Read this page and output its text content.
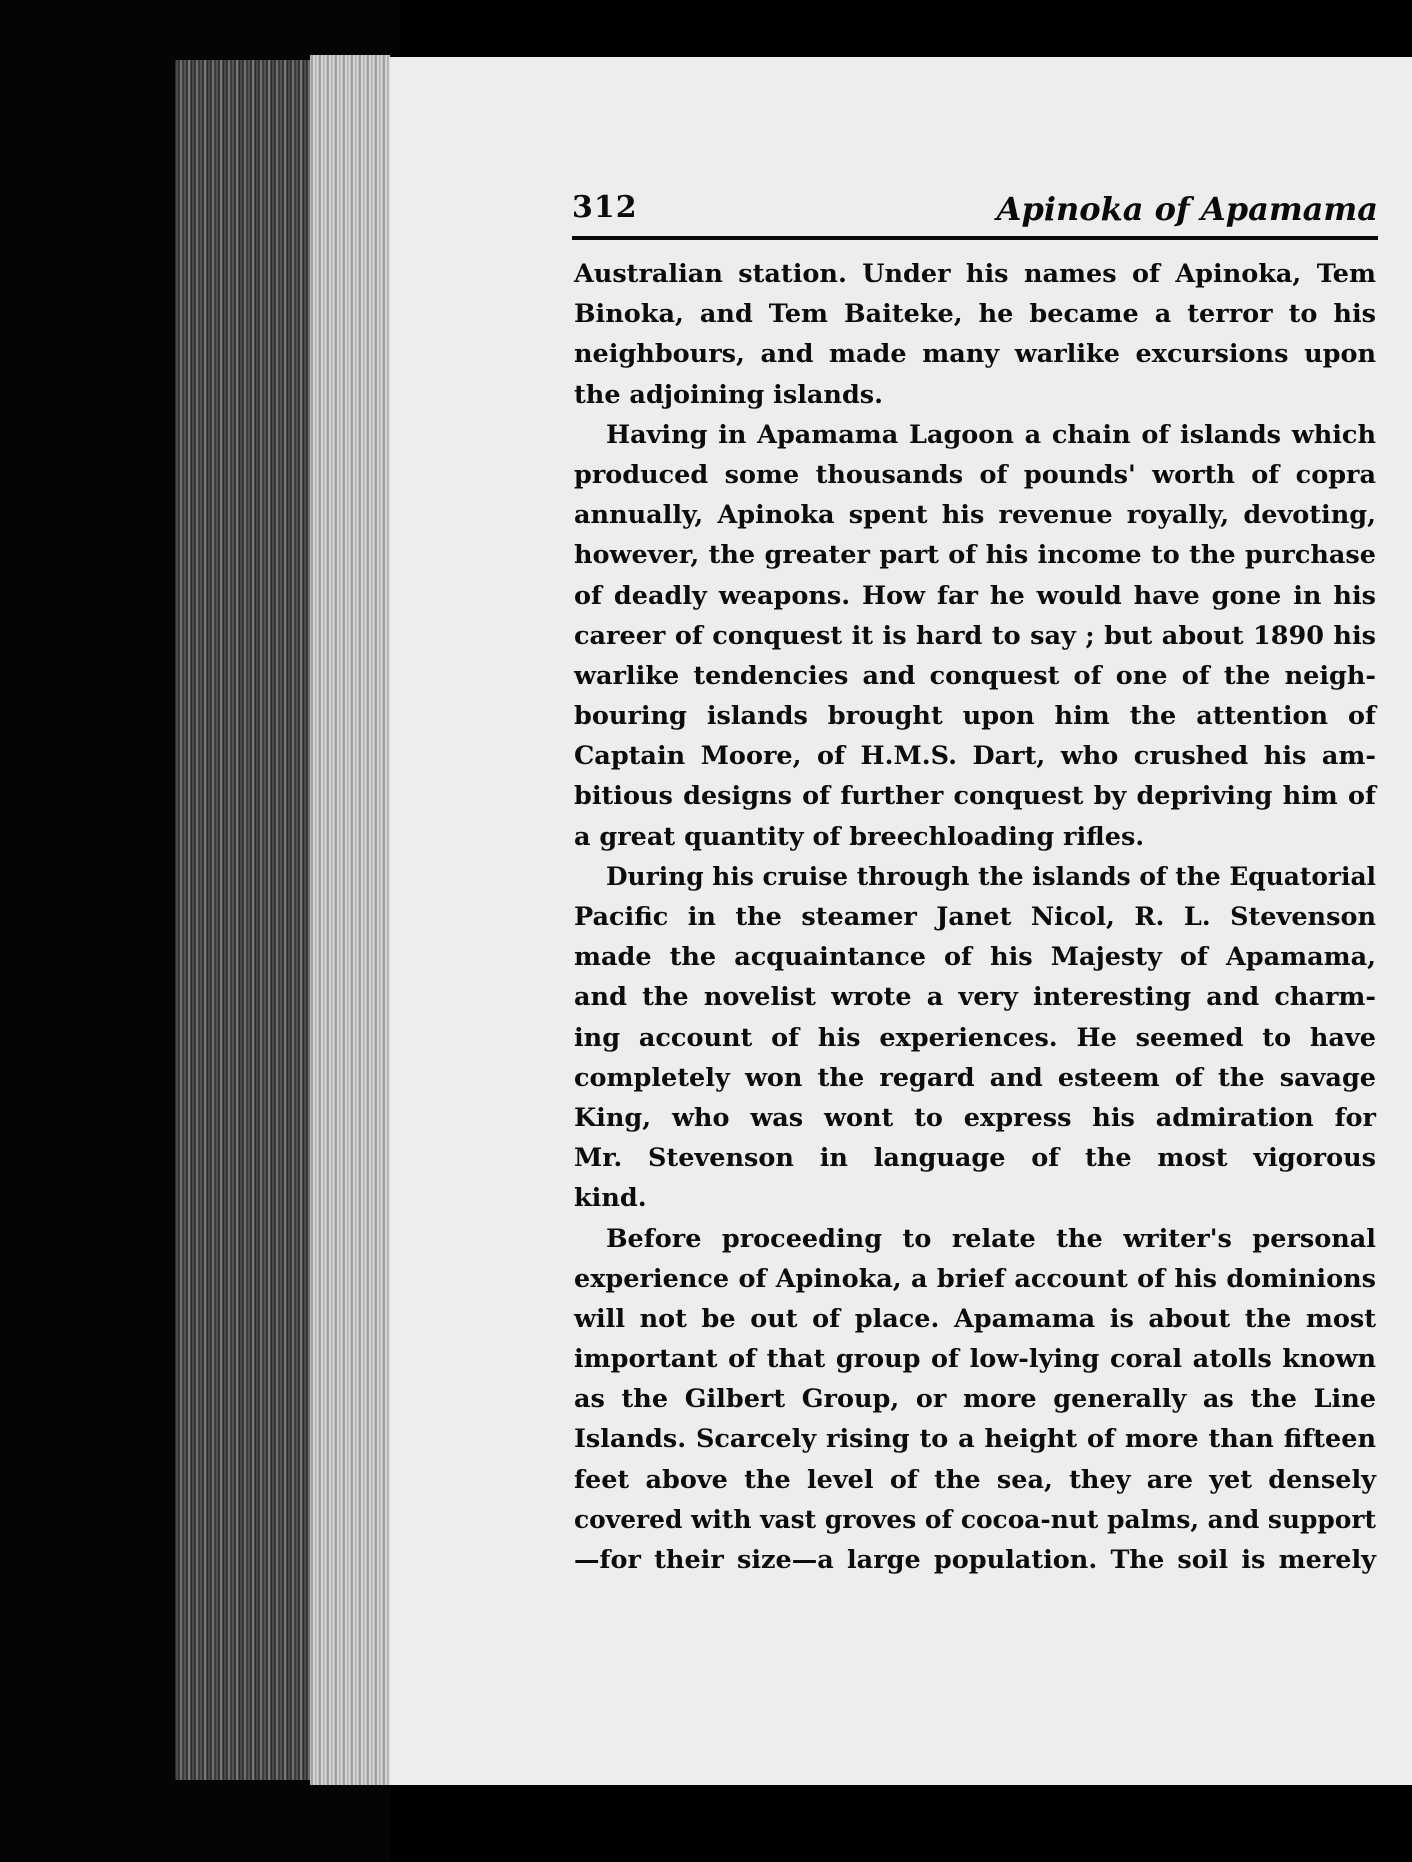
312	Apinoka of Apamama
Australian station. Under his names of Apinoka, Tem
Binoka, and Tem Baiteke, he became a terror to his
neighbours, and made many warlike excursions upon
the adjoining islands.
Having in Apamama Lagoon a chain of islands which
produced some thousands of pounds' worth of copra
annually, Apinoka spent his revenue royally, devoting,
however, the greater part of his income to the purchase
of deadly weapons. How far he would have gone in his
career of conquest it is hard to say ; but about 1890 his
warlike tendencies and conquest of one of the neigh-
bouring islands brought upon him the attention of
Captain Moore, of H.M.S. Dart, who crushed his am-
bitious designs of further conquest by depriving him of
a great quantity of breechloading rifles.
During his cruise through the islands of the Equatorial
Pacific in the steamer Janet Nicol, R. L. Stevenson
made the acquaintance of his Majesty of Apamama,
and the novelist wrote a very interesting and charm-
ing account of his experiences. He seemed to have
completely won the regard and esteem of the savage
King, who was wont to express his admiration for
Mr. Stevenson in language of the most vigorous
kind.
Before proceeding to relate the writer's personal
experience of Apinoka, a brief account of his dominions
will not be out of place. Apamama is about the most
important of that group of low-lying coral atolls known
as the Gilbert Group, or more generally as the Line
Islands. Scarcely rising to a height of more than fifteen
feet above the level of the sea, they are yet densely
covered with vast groves of cocoa-nut palms, and support
—for their size—a large population. The soil is merely
